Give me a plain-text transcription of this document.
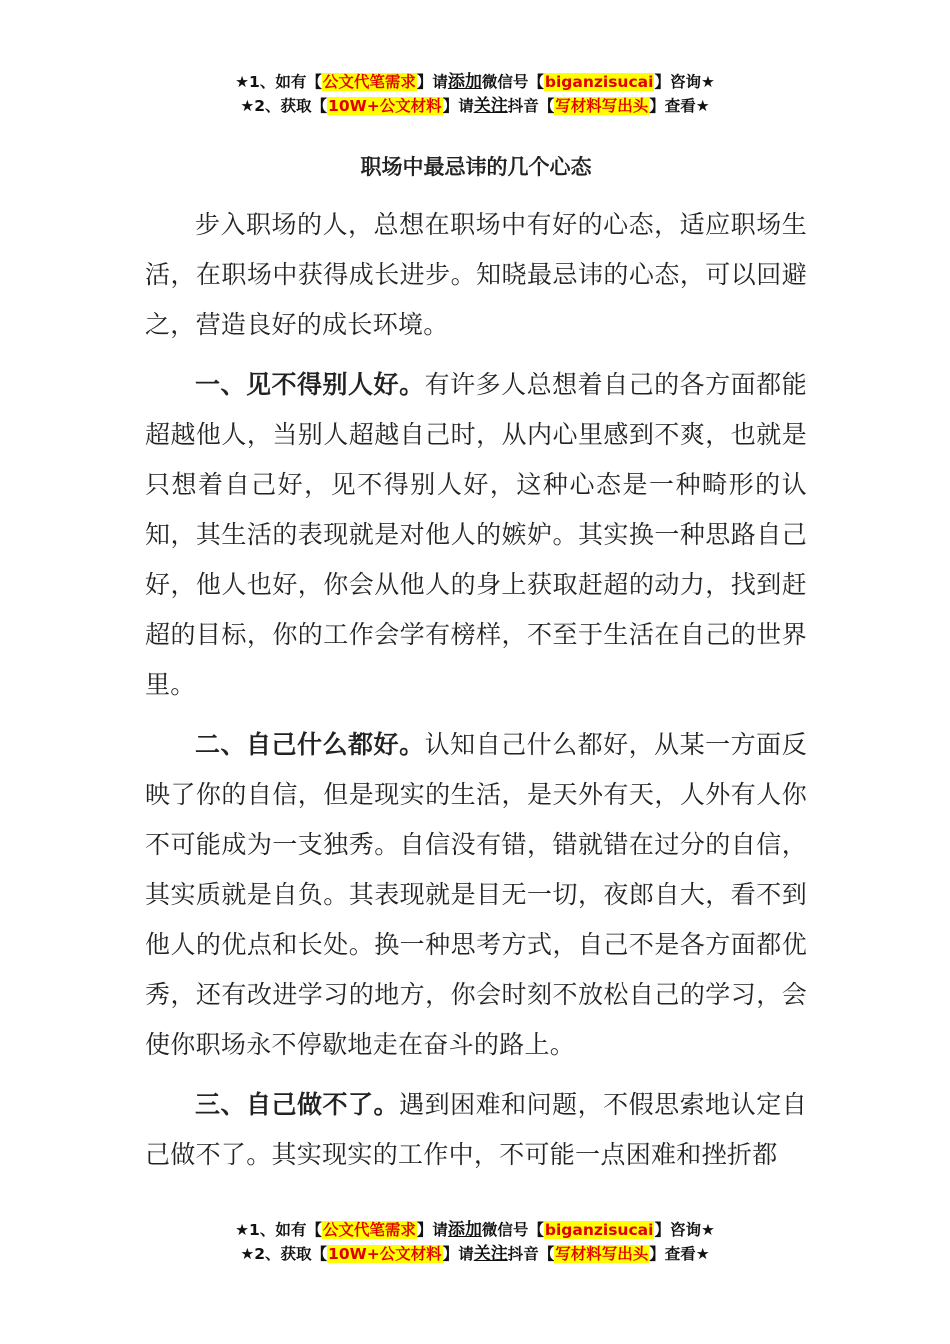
★1、如有【公文代笔需求】请添加微信号【biganzisucai】咨询★
★2、获取【10W+公文材料】请关注抖音【写材料写出头】查看★
职场中最忌讳的几个心态

步入职场的人，总想在职场中有好的心态，适应职场生活，在职场中获得成长进步。知晓最忌讳的心态，可以回避之，营造良好的成长环境。

一、见不得别人好。有许多人总想着自己的各方面都能超越他人，当别人超越自己时，从内心里感到不爽，也就是只想着自己好，见不得别人好，这种心态是一种畸形的认知，其生活的表现就是对他人的嫉妒。其实换一种思路自己好，他人也好，你会从他人的身上获取赶超的动力，找到赶超的目标，你的工作会学有榜样，不至于生活在自己的世界里。

二、自己什么都好。认知自己什么都好，从某一方面反映了你的自信，但是现实的生活，是天外有天，人外有人你不可能成为一支独秀。自信没有错，错就错在过分的自信，其实质就是自负。其表现就是目无一切，夜郎自大，看不到他人的优点和长处。换一种思考方式，自己不是各方面都优秀，还有改进学习的地方，你会时刻不放松自己的学习，会使你职场永不停歇地走在奋斗的路上。

三、自己做不了。遇到困难和问题，不假思索地认定自己做不了。其实现实的工作中，不可能一点困难和挫折都

★1、如有【公文代笔需求】请添加微信号【biganzisucai】咨询★
★2、获取【10W+公文材料】请关注抖音【写材料写出头】查看★
